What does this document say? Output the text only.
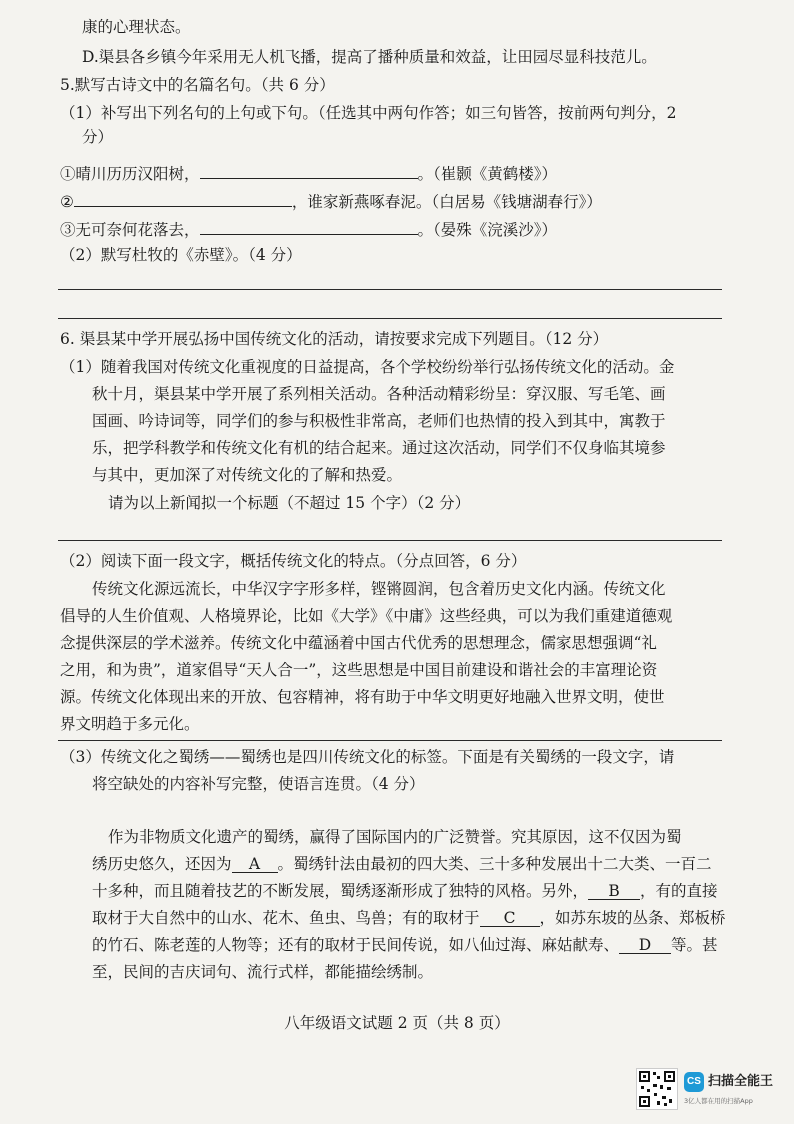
康的心理状态。
D.渠县各乡镇今年采用无人机飞播，提高了播种质量和效益，让田园尽显科技范儿。
5.默写古诗文中的名篇名句。（共 6 分）
（1）补写出下列名句的上句或下句。（任选其中两句作答；如三句皆答，按前两句判分，2
分）
①晴川历历汉阳树，	。（崔颢《黄鹤楼》）
②	，谁家新燕啄春泥。（白居易《钱塘湖春行》）
③无可奈何花落去，	。（晏殊《浣溪沙》）
（2）默写杜牧的《赤壁》。（4 分）
6. 渠县某中学开展弘扬中国传统文化的活动，请按要求完成下列题目。（12 分）
（1）随着我国对传统文化重视度的日益提高，各个学校纷纷举行弘扬传统文化的活动。金
秋十月，渠县某中学开展了系列相关活动。各种活动精彩纷呈：穿汉服、写毛笔、画
国画、吟诗词等，同学们的参与积极性非常高，老师们也热情的投入到其中，寓教于
乐，把学科教学和传统文化有机的结合起来。通过这次活动，同学们不仅身临其境参
与其中，更加深了对传统文化的了解和热爱。
请为以上新闻拟一个标题（不超过 15 个字）（2 分）
（2）阅读下面一段文字，概括传统文化的特点。（分点回答，6 分）
传统文化源远流长，中华汉字字形多样，铿锵圆润，包含着历史文化内涵。传统文化
倡导的人生价值观、人格境界论，比如《大学》《中庸》这些经典，可以为我们重建道德观
念提供深层的学术滋养。传统文化中蕴涵着中国古代优秀的思想理念，儒家思想强调“礼
之用，和为贵”，道家倡导“天人合一”，这些思想是中国目前建设和谐社会的丰富理论资
源。传统文化体现出来的开放、包容精神，将有助于中华文明更好地融入世界文明，使世
界文明趋于多元化。
（3）传统文化之蜀绣——蜀绣也是四川传统文化的标签。下面是有关蜀绣的一段文字，请
将空缺处的内容补写完整，使语言连贯。（4 分）
作为非物质文化遗产的蜀绣，赢得了国际国内的广泛赞誉。究其原因，这不仅因为蜀
绣历史悠久，还因为 A 。蜀绣针法由最初的四大类、三十多种发展出十二大类、一百二
十多种，而且随着技艺的不断发展，蜀绣逐渐形成了独特的风格。另外， B ，有的直接
取材于大自然中的山水、花木、鱼虫、鸟兽；有的取材于 C ，如苏东坡的丛条、郑板桥
的竹石、陈老莲的人物等；还有的取材于民间传说，如八仙过海、麻姑献寿、 D 等。甚
至，民间的吉庆词句、流行式样，都能描绘绣制。
八年级语文试题 2 页（共 8 页）
CS 扫描全能王
3亿人都在用的扫描App
